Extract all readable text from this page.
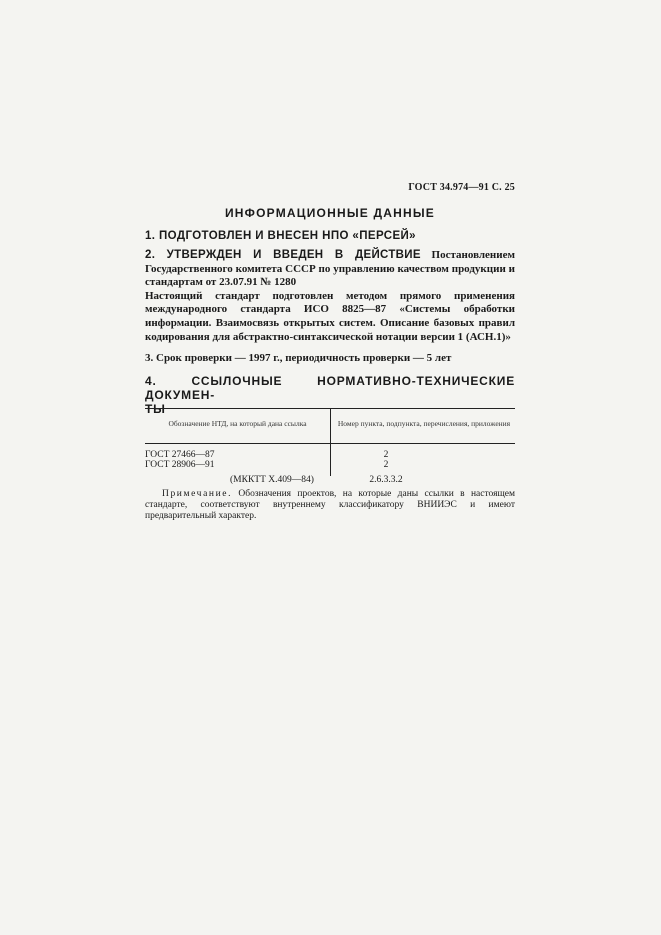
ГОСТ 34.974—91 С. 25
ИНФОРМАЦИОННЫЕ ДАННЫЕ
1. ПОДГОТОВЛЕН И ВНЕСЕН НПО «ПЕРСЕЙ»
2. УТВЕРЖДЕН И ВВЕДЕН В ДЕЙСТВИЕ Постановлением Государственного комитета СССР по управлению качеством продукции и стандартам от 23.07.91 № 1280
Настоящий стандарт подготовлен методом прямого применения международного стандарта ИСО 8825—87 «Системы обработки информации. Взаимосвязь открытых систем. Описание базовых правил кодирования для абстрактно-синтаксической нотации версии 1 (АСН.1)»
3. Срок проверки — 1997 г., периодичность проверки — 5 лет
4. ССЫЛОЧНЫЕ НОРМАТИВНО-ТЕХНИЧЕСКИЕ ДОКУМЕН-
ТЫ
Обозначение НТД, на который дана ссылка	Номер пункта, подпункта, перечисления, приложения
ГОСТ 27466—87	2
ГОСТ 28906—91	2
(МККТТ Х.409—84)	2.6.3.3.2
Примечание. Обозначения проектов, на которые даны ссылки в настоящем стандарте, соответствуют внутреннему классификатору ВНИИЭС и имеют предварительный характер.
